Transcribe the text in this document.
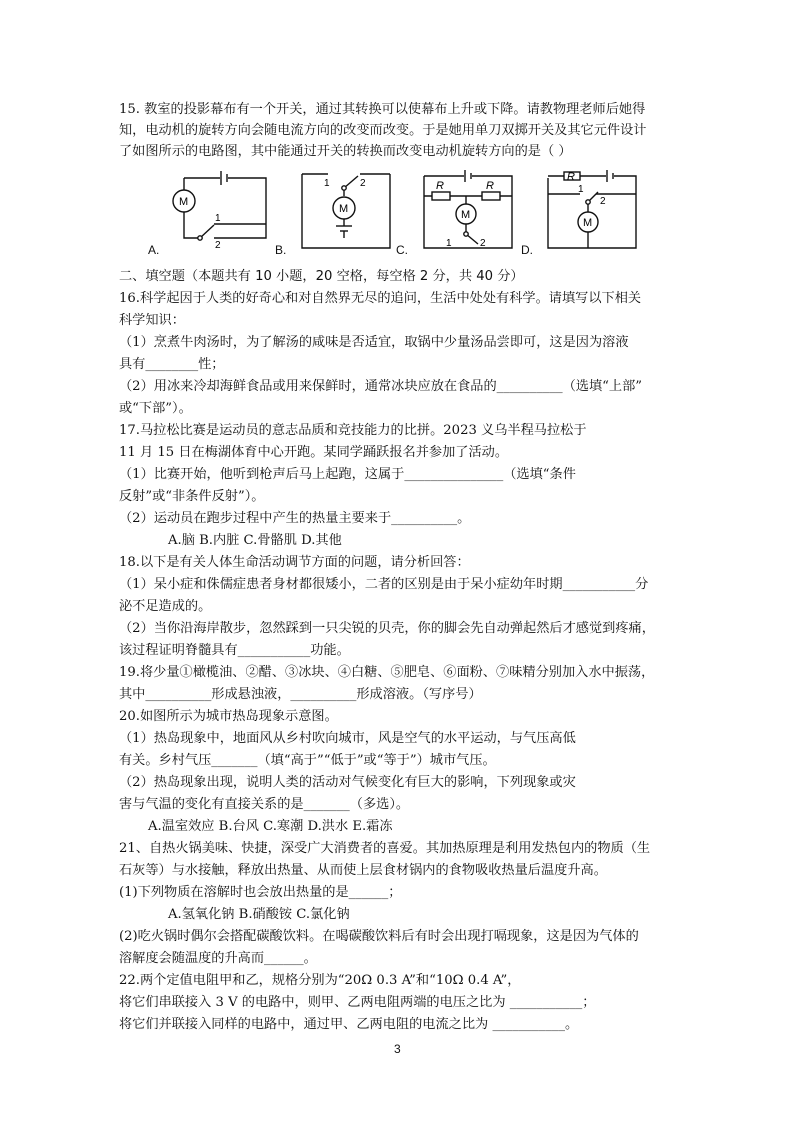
15. 教室的投影幕布有一个开关，通过其转换可以使幕布上升或下降。请教物理老师后她得
知，电动机的旋转方向会随电流方向的改变而改变。于是她用单刀双掷开关及其它元件设计
了如图所示的电路图，其中能通过开关的转换而改变电动机旋转方向的是（ ）
M
1
2
A.
1	2
M
B.
R	R
M
1	2
C.
R
1
2
M
D.
二、填空题（本题共有 10 小题，20 空格，每空格 2 分，共 40 分）
16.科学起因于人类的好奇心和对自然界无尽的追问，生活中处处有科学。请填写以下相关
科学知识：
（1）烹煮牛肉汤时，为了解汤的咸味是否适宜，取锅中少量汤品尝即可，这是因为溶液
具有________性；
（2）用冰来冷却海鲜食品或用来保鲜时，通常冰块应放在食品的__________（选填“上部”
或“下部”）。
17.马拉松比赛是运动员的意志品质和竞技能力的比拼。2023 义乌半程马拉松于
11 月 15 日在梅湖体育中心开跑。某同学踊跃报名并参加了活动。
（1）比赛开始，他听到枪声后马上起跑，这属于_______________（选填“条件
反射”或“非条件反射”）。
（2）运动员在跑步过程中产生的热量主要来于__________。
A.脑 B.内脏 C.骨骼肌 D.其他
18.以下是有关人体生命活动调节方面的问题，请分析回答：
（1）呆小症和侏儒症患者身材都很矮小，二者的区别是由于呆小症幼年时期___________分
泌不足造成的。
（2）当你沿海岸散步，忽然踩到一只尖锐的贝壳，你的脚会先自动弹起然后才感觉到疼痛，
该过程证明脊髓具有___________功能。
19.将少量①橄榄油、②醋、③冰块、④白糖、⑤肥皂、⑥面粉、⑦味精分别加入水中振荡，
其中__________形成悬浊液，__________形成溶液。（写序号）
20.如图所示为城市热岛现象示意图。
（1）热岛现象中，地面风从乡村吹向城市，风是空气的水平运动，与气压高低
有关。乡村气压_______（填“高于”“低于”或“等于”）城市气压。
（2）热岛现象出现，说明人类的活动对气候变化有巨大的影响，下列现象或灾
害与气温的变化有直接关系的是_______（多选）。
A.温室效应 B.台风 C.寒潮 D.洪水 E.霜冻
21、自热火锅美味、快捷，深受广大消费者的喜爱。其加热原理是利用发热包内的物质（生
石灰等）与水接触，释放出热量、从而使上层食材锅内的食物吸收热量后温度升高。
(1)下列物质在溶解时也会放出热量的是______；
A.氢氧化钠 B.硝酸铵 C.氯化钠
(2)吃火锅时偶尔会搭配碳酸饮料。在喝碳酸饮料后有时会出现打嗝现象，这是因为气体的
溶解度会随温度的升高而______。
22.两个定值电阻甲和乙，规格分别为“20Ω 0.3 A”和“10Ω 0.4 A”，
将它们串联接入 3 V 的电路中，则甲、乙两电阻两端的电压之比为 ___________；
将它们并联接入同样的电路中，通过甲、乙两电阻的电流之比为 ___________。
3
